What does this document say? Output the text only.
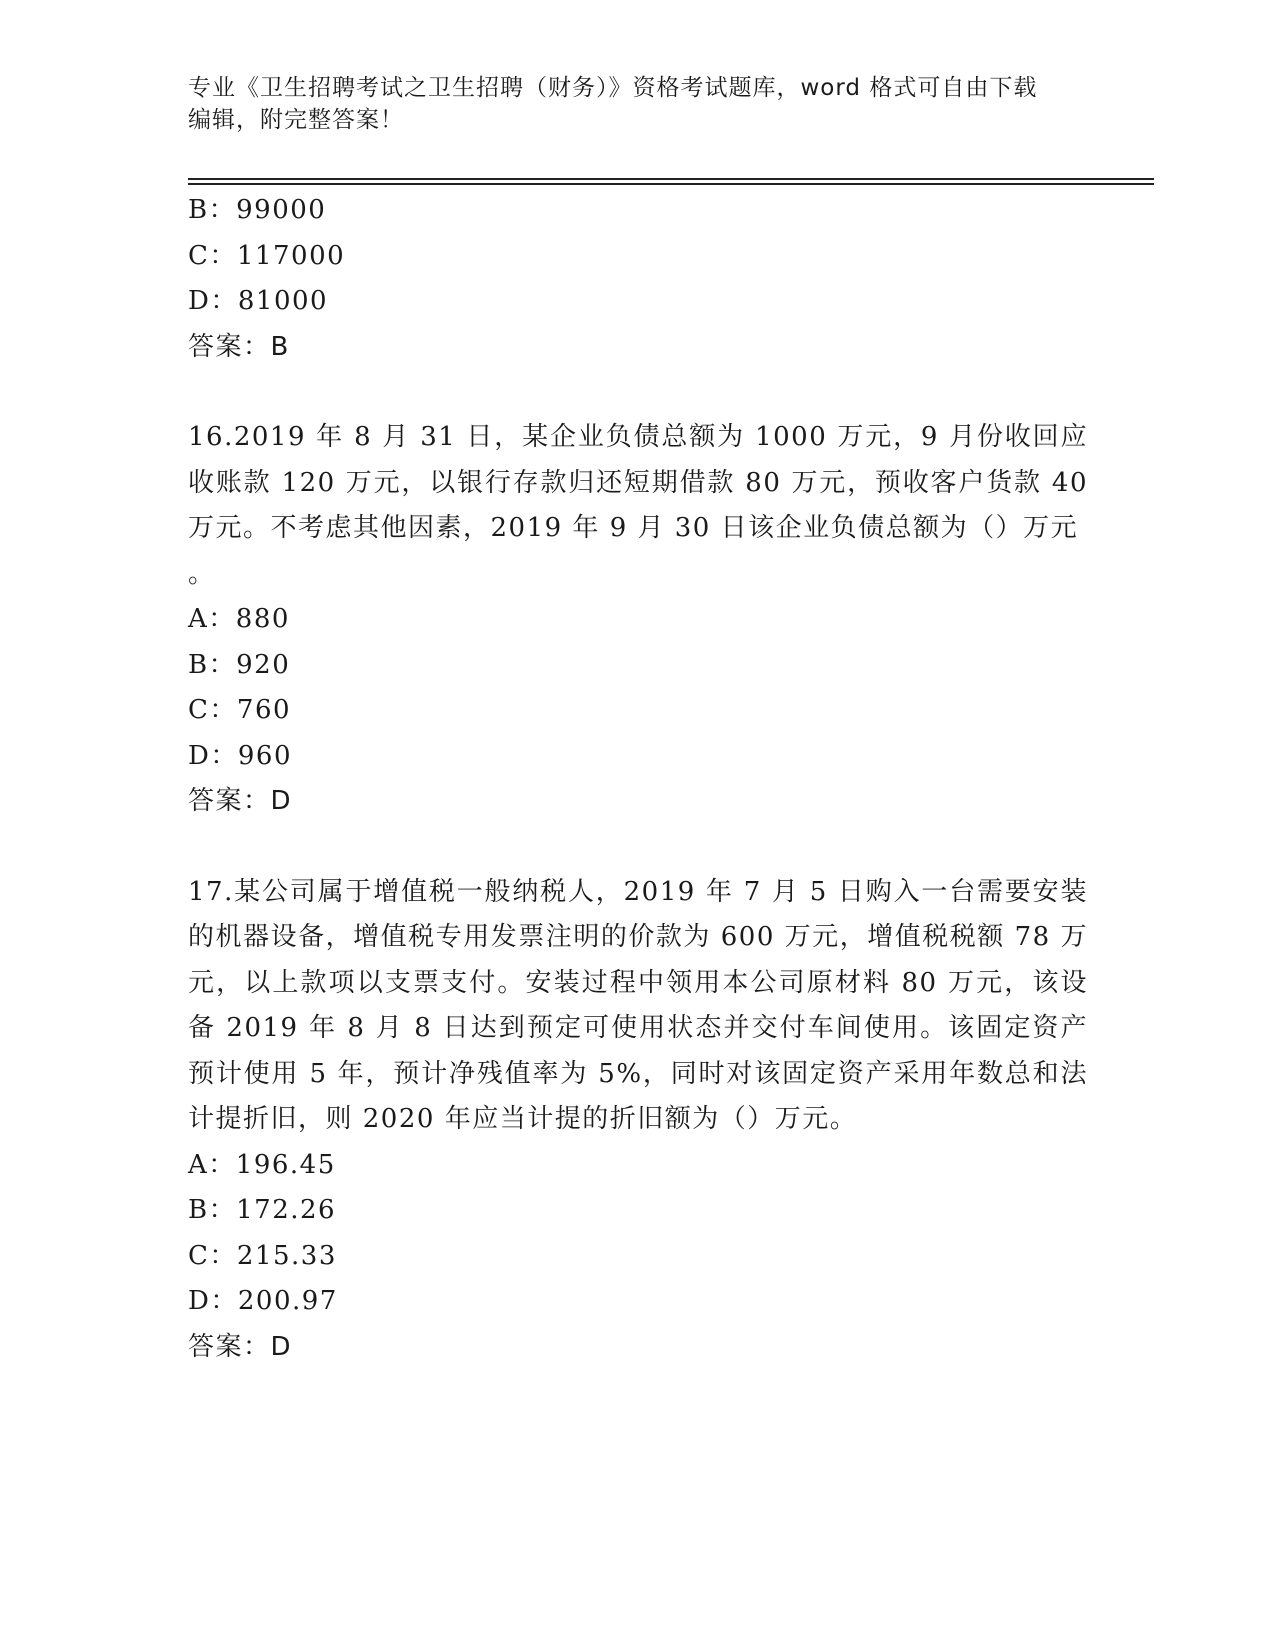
专业《卫生招聘考试之卫生招聘（财务）》资格考试题库，word 格式可自由下载
编辑，附完整答案！
B：99000
C：117000
D：81000
答案：B
16.2019 年 8 月 31 日，某企业负债总额为 1000 万元，9 月份收回应收账款 120 万元，以银行存款归还短期借款 80 万元，预收客户货款 40 万元。不考虑其他因素，2019 年 9 月 30 日该企业负债总额为（）万元
。
A：880
B：920
C：760
D：960
答案：D
17.某公司属于增值税一般纳税人，2019 年 7 月 5 日购入一台需要安装的机器设备，增值税专用发票注明的价款为 600 万元，增值税税额 78 万元，以上款项以支票支付。安装过程中领用本公司原材料 80 万元，该设备 2019 年 8 月 8 日达到预定可使用状态并交付车间使用。该固定资产预计使用 5 年，预计净残值率为 5%，同时对该固定资产采用年数总和法计提折旧，则 2020 年应当计提的折旧额为（）万元。
A：196.45
B：172.26
C：215.33
D：200.97
答案：D
